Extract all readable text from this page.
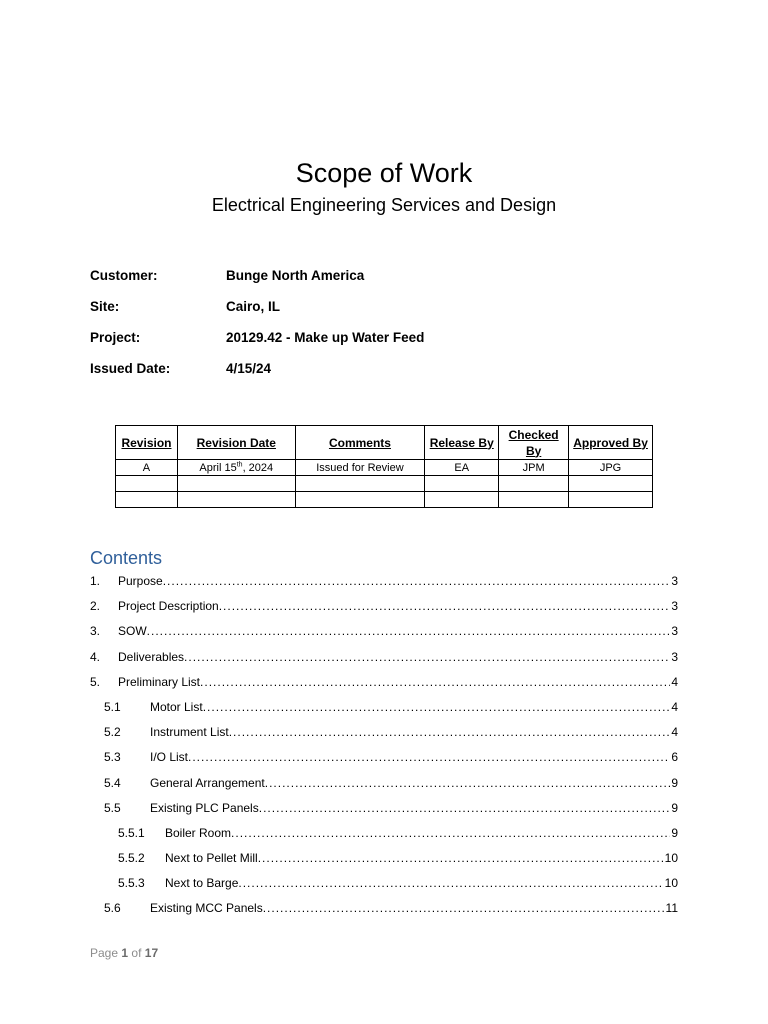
Scope of Work
Electrical Engineering Services and Design
Customer:	Bunge North America
Site:	Cairo, IL
Project:	20129.42 - Make up Water Feed
Issued Date:	4/15/24
Revision	Revision Date	Comments	Release By	Checked By	Approved By
A	April 15th, 2024	Issued for Review	EA	JPM	JPG

Contents
1. Purpose .....	3
2. Project Description .....	3
3. SOW .....	3
4. Deliverables .....	3
5. Preliminary List .....	4
5.1 Motor List .....	4
5.2 Instrument List .....	4
5.3 I/O List .....	6
5.4 General Arrangement .....	9
5.5 Existing PLC Panels .....	9
5.5.1 Boiler Room .....	9
5.5.2 Next to Pellet Mill .....	10
5.5.3 Next to Barge .....	10
5.6 Existing MCC Panels .....	11
Page 1 of 17
